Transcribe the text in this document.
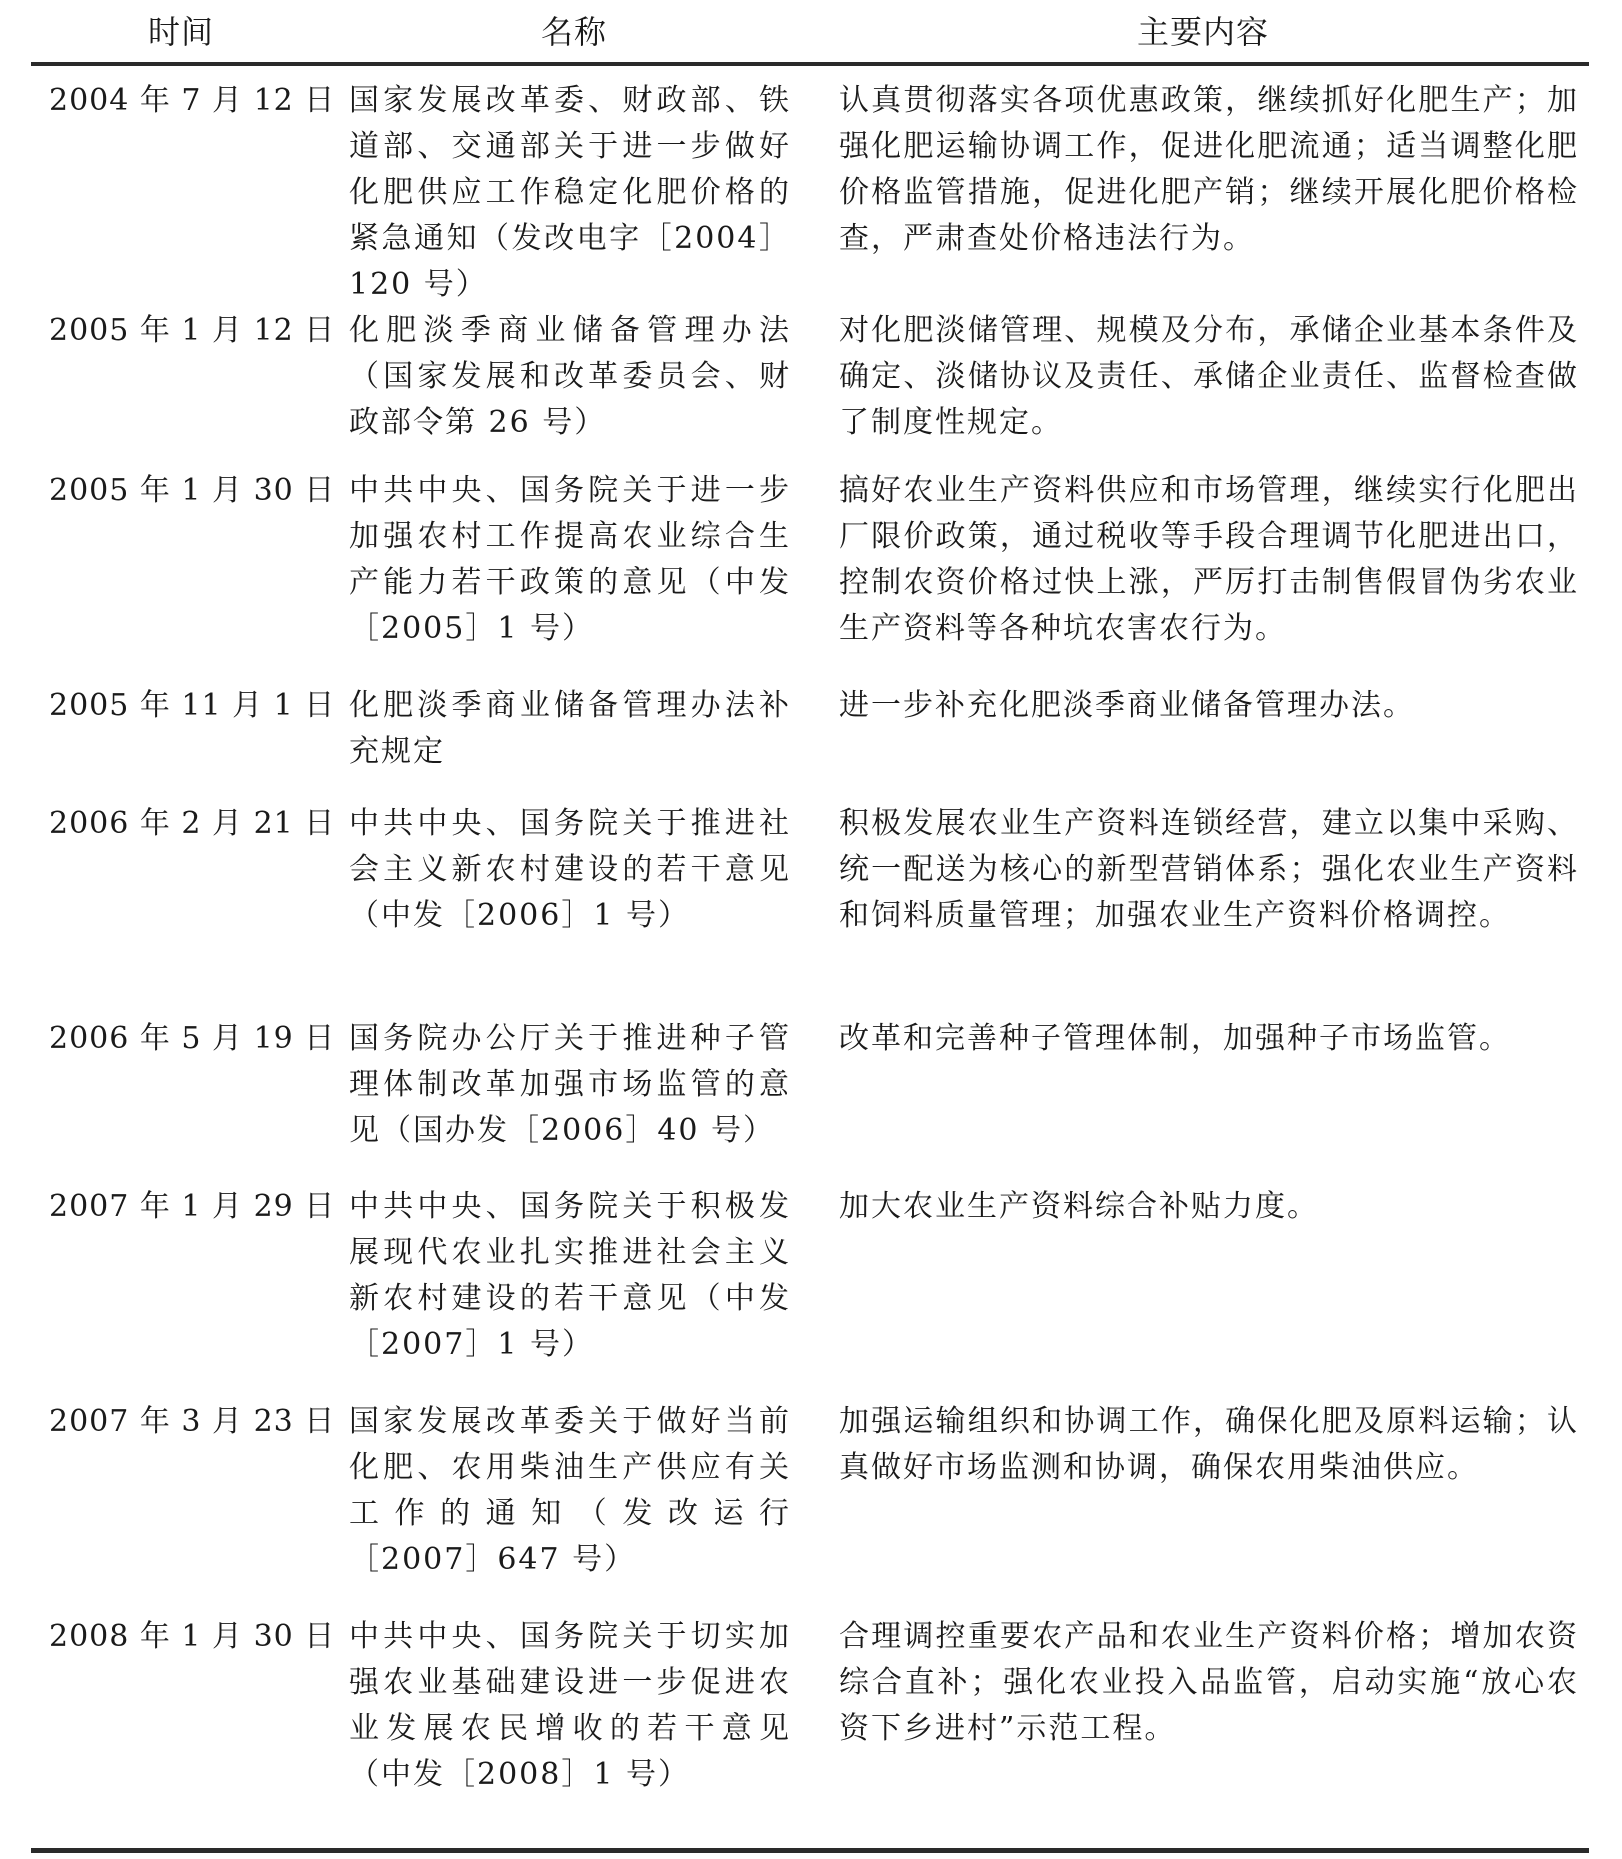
时间	名称	主要内容
2004 年 7 月 12 日	国家发展改革委、财政部、铁道部、交通部关于进一步做好化肥供应工作稳定化肥价格的紧急通知（发改电字［2004］120 号）	认真贯彻落实各项优惠政策，继续抓好化肥生产；加强化肥运输协调工作，促进化肥流通；适当调整化肥价格监管措施，促进化肥产销；继续开展化肥价格检查，严肃查处价格违法行为。
2005 年 1 月 12 日	化肥淡季商业储备管理办法（国家发展和改革委员会、财政部令第 26 号）	对化肥淡储管理、规模及分布，承储企业基本条件及确定、淡储协议及责任、承储企业责任、监督检查做了制度性规定。
2005 年 1 月 30 日	中共中央、国务院关于进一步加强农村工作提高农业综合生产能力若干政策的意见（中发［2005］1 号）	搞好农业生产资料供应和市场管理，继续实行化肥出厂限价政策，通过税收等手段合理调节化肥进出口，控制农资价格过快上涨，严厉打击制售假冒伪劣农业生产资料等各种坑农害农行为。
2005 年 11 月 1 日	化肥淡季商业储备管理办法补充规定	进一步补充化肥淡季商业储备管理办法。
2006 年 2 月 21 日	中共中央、国务院关于推进社会主义新农村建设的若干意见（中发［2006］1 号）	积极发展农业生产资料连锁经营，建立以集中采购、统一配送为核心的新型营销体系；强化农业生产资料和饲料质量管理；加强农业生产资料价格调控。
2006 年 5 月 19 日	国务院办公厅关于推进种子管理体制改革加强市场监管的意见（国办发［2006］40 号）	改革和完善种子管理体制，加强种子市场监管。
2007 年 1 月 29 日	中共中央、国务院关于积极发展现代农业扎实推进社会主义新农村建设的若干意见（中发［2007］1 号）	加大农业生产资料综合补贴力度。
2007 年 3 月 23 日	国家发展改革委关于做好当前化肥、农用柴油生产供应有关工作的通知（发改运行［2007］647 号）	加强运输组织和协调工作，确保化肥及原料运输；认真做好市场监测和协调，确保农用柴油供应。
2008 年 1 月 30 日	中共中央、国务院关于切实加强农业基础建设进一步促进农业发展农民增收的若干意见（中发［2008］1 号）	合理调控重要农产品和农业生产资料价格；增加农资综合直补；强化农业投入品监管，启动实施“放心农资下乡进村”示范工程。
